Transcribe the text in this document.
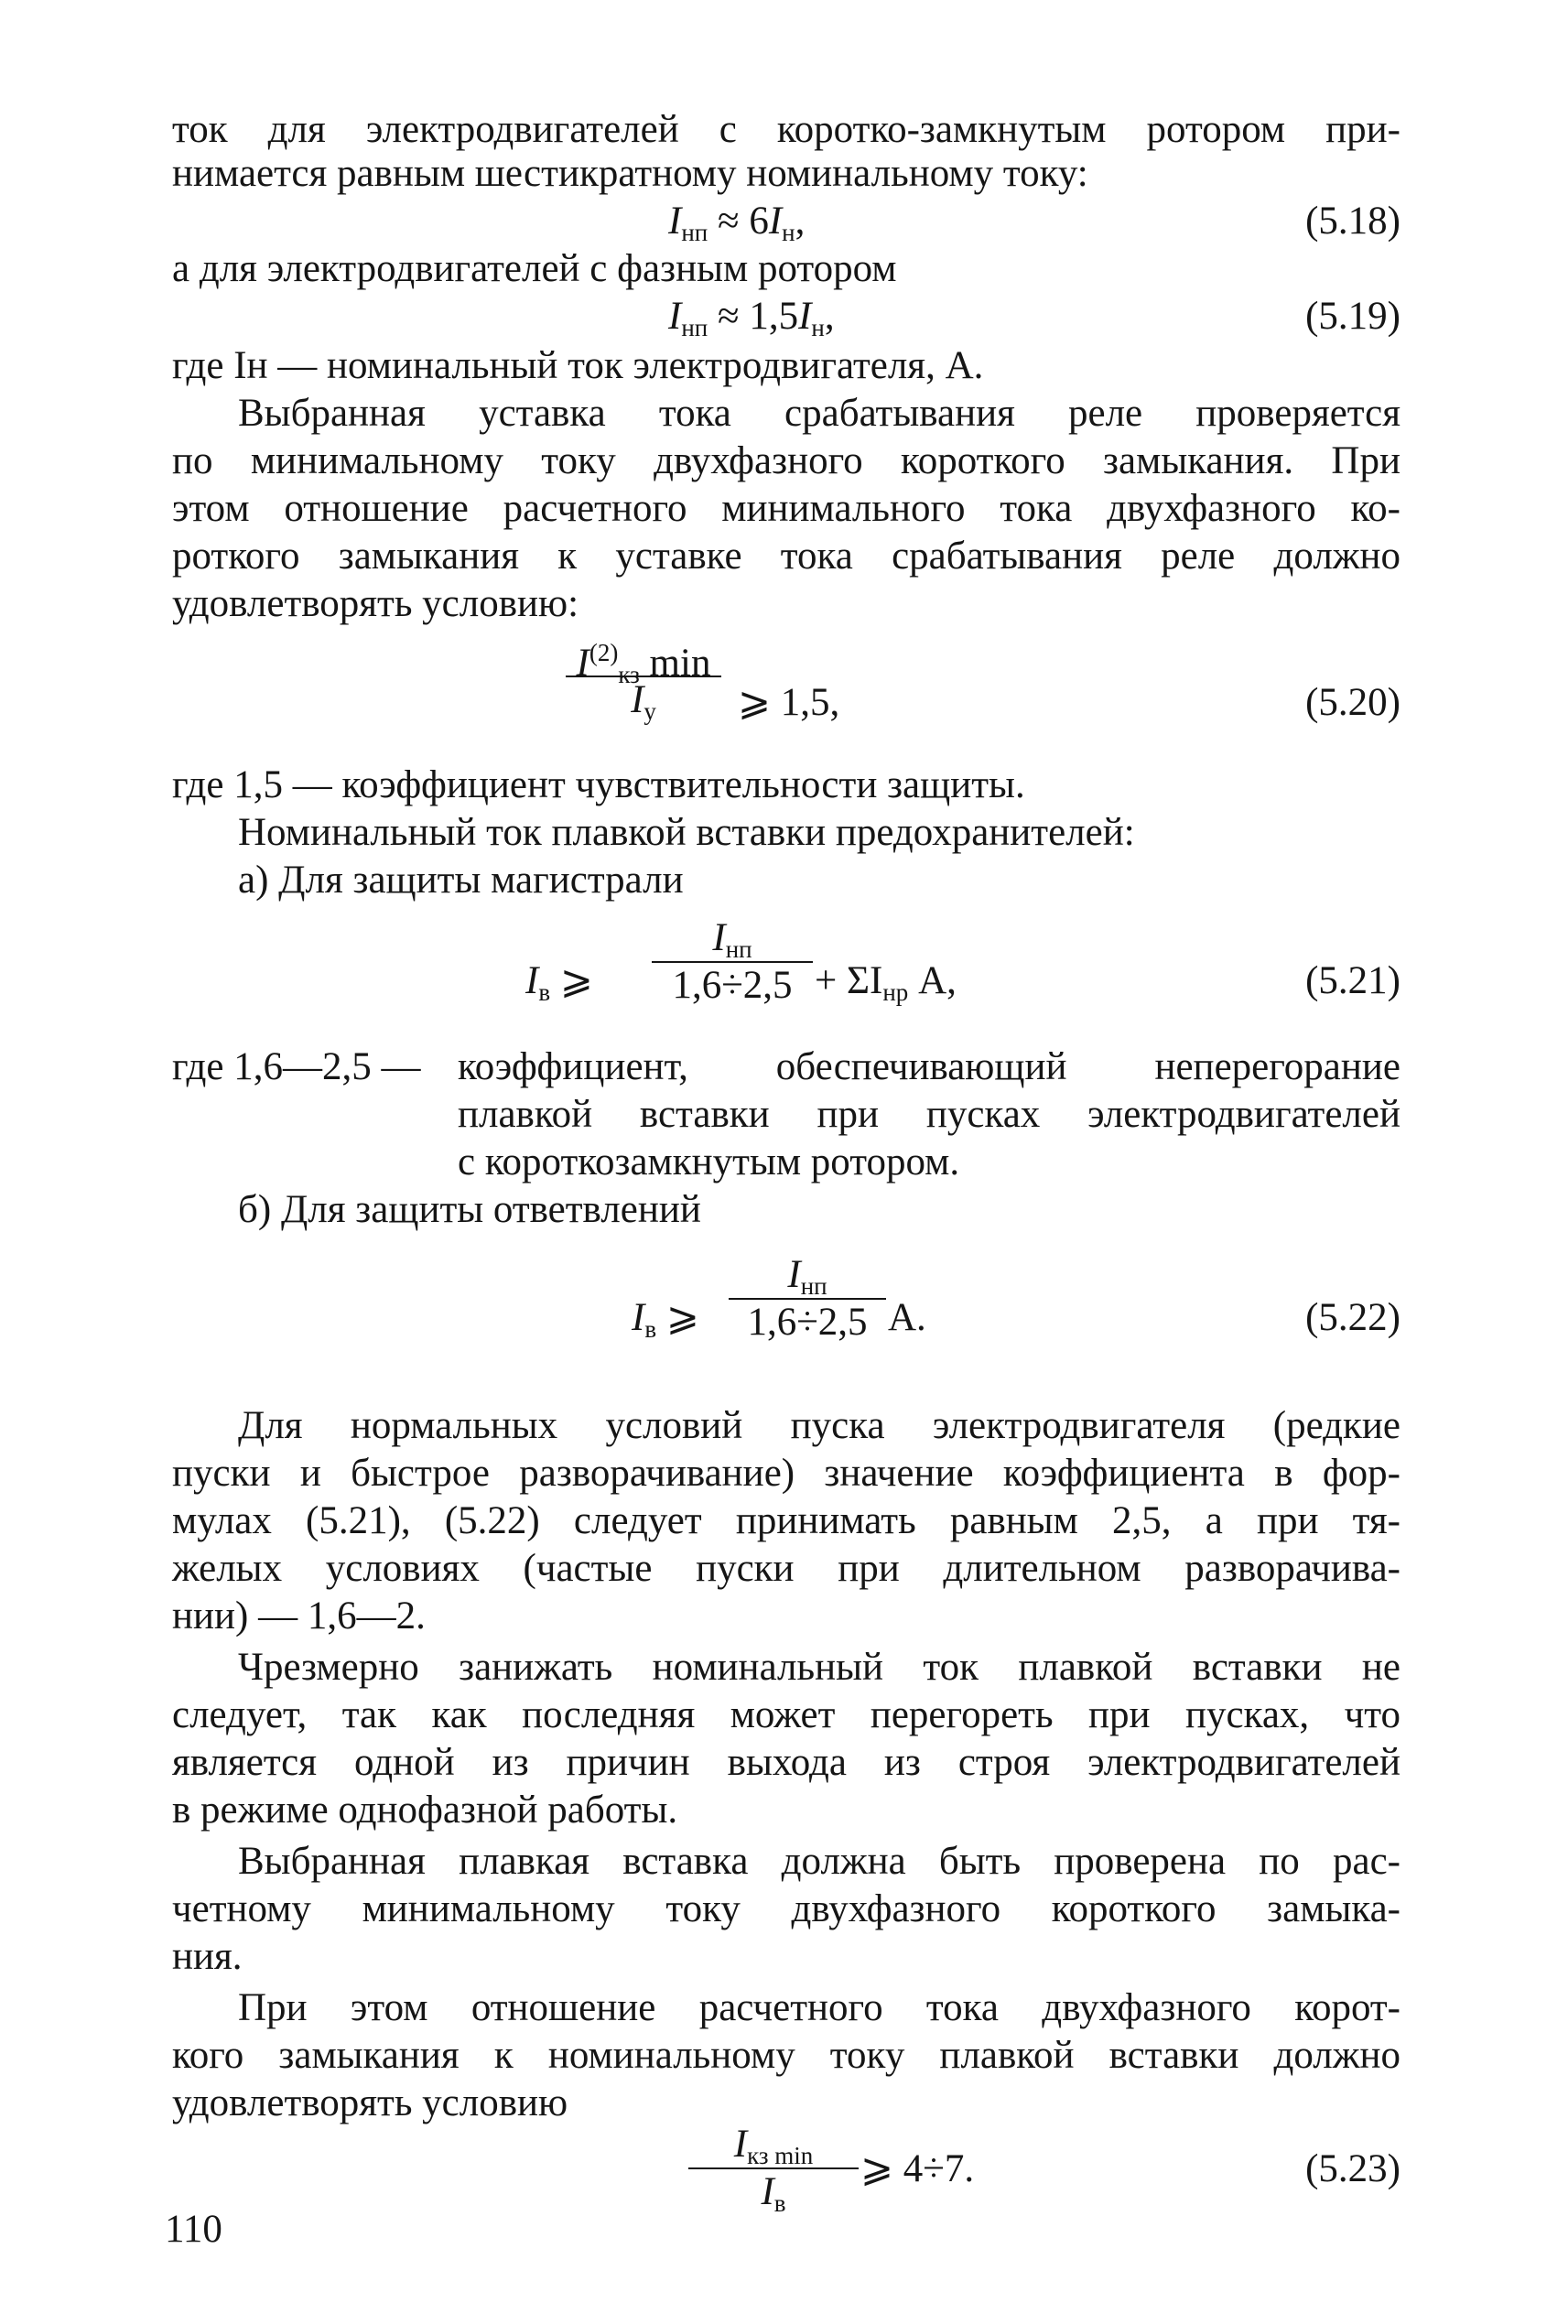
ток для электродвигателей с коротко-замкнутым ротором при-
нимается равным шестикратному номинальному току:
$I_{нп} \approx 6I_н$,	(5.18)
а для электродвигателей с фазным ротором
$I_{нп} \approx 1,5I_н$,	(5.19)
где Iн — номинальный ток электродвигателя, А.
Выбранная уставка тока срабатывания реле проверяется
по минимальному току двухфазного короткого замыкания. При
этом отношение расчетного минимального тока двухфазного ко-
роткого замыкания к уставке тока срабатывания реле должно
удовлетворять условию:
$I^{(2)}_{кз}$ min
$I_у$	⩾ 1,5,	(5.20)
где 1,5 — коэффициент чувствительности защиты.
Номинальный ток плавкой вставки предохранителей:
а) Для защиты магистрали
$I_в$ ⩾
$I_{нп}$
$1,6\div 2,5 + \Sigma I_{нр}$ А,	(5.21)
где 1,6—2,5 — коэффициент, обеспечивающий неперегорание
плавкой вставки при пусках электродвигателей
с короткозамкнутым ротором.
б) Для защиты ответвлений
$I_в$ ⩾
$I_{нп}$
1,6÷2,5 А.	(5.22)
Для нормальных условий пуска электродвигателя (редкие
пуски и быстрое разворачивание) значение коэффициента в фор-
мулах (5.21), (5.22) следует принимать равным 2,5, а при тя-
желых условиях (частые пуски при длительном разворачива-
нии) — 1,6—2.
Чрезмерно занижать номинальный ток плавкой вставки не
следует, так как последняя может перегореть при пусках, что
является одной из причин выхода из строя электродвигателей
в режиме однофазной работы.
Выбранная плавкая вставка должна быть проверена по рас-
четному минимальному току двухфазного короткого замыка-
ния.
При этом отношение расчетного тока двухфазного корот-
кого замыкания к номинальному току плавкой вставки должно
удовлетворять условию
$I_{кз min}$
$I_в$
⩾ 4÷7.	(5.23)
110
